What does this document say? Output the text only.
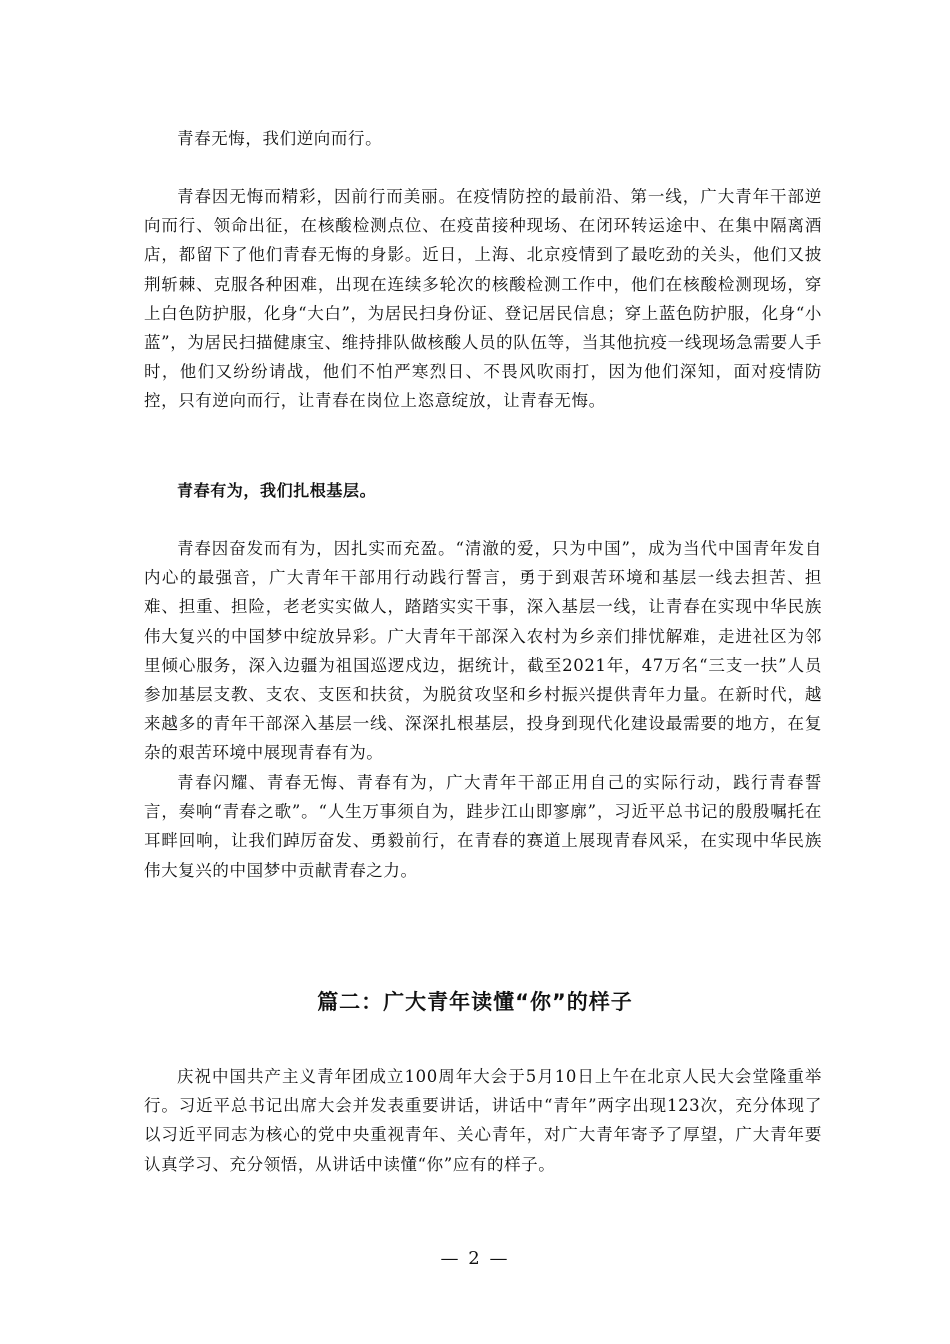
青春无悔，我们逆向而行。

青春因无悔而精彩，因前行而美丽。在疫情防控的最前沿、第一线，广大青年干部逆向而行、领命出征，在核酸检测点位、在疫苗接种现场、在闭环转运途中、在集中隔离酒店，都留下了他们青春无悔的身影。近日，上海、北京疫情到了最吃劲的关头，他们又披荆斩棘、克服各种困难，出现在连续多轮次的核酸检测工作中，他们在核酸检测现场，穿上白色防护服，化身“大白”，为居民扫身份证、登记居民信息；穿上蓝色防护服，化身“小蓝”，为居民扫描健康宝、维持排队做核酸人员的队伍等，当其他抗疫一线现场急需要人手时，他们又纷纷请战，他们不怕严寒烈日、不畏风吹雨打，因为他们深知，面对疫情防控，只有逆向而行，让青春在岗位上恣意绽放，让青春无悔。

青春有为，我们扎根基层。

青春因奋发而有为，因扎实而充盈。“清澈的爱，只为中国”，成为当代中国青年发自内心的最强音，广大青年干部用行动践行誓言，勇于到艰苦环境和基层一线去担苦、担难、担重、担险，老老实实做人，踏踏实实干事，深入基层一线，让青春在实现中华民族伟大复兴的中国梦中绽放异彩。广大青年干部深入农村为乡亲们排忧解难，走进社区为邻里倾心服务，深入边疆为祖国巡逻戍边，据统计，截至2021年，47万名“三支一扶”人员参加基层支教、支农、支医和扶贫，为脱贫攻坚和乡村振兴提供青年力量。在新时代，越来越多的青年干部深入基层一线、深深扎根基层，投身到现代化建设最需要的地方，在复杂的艰苦环境中展现青春有为。

青春闪耀、青春无悔、青春有为，广大青年干部正用自己的实际行动，践行青春誓言，奏响“青春之歌”。“人生万事须自为，跬步江山即寥廓”，习近平总书记的殷殷嘱托在耳畔回响，让我们踔厉奋发、勇毅前行，在青春的赛道上展现青春风采，在实现中华民族伟大复兴的中国梦中贡献青春之力。

篇二：广大青年读懂“你”的样子

庆祝中国共产主义青年团成立100周年大会于5月10日上午在北京人民大会堂隆重举行。习近平总书记出席大会并发表重要讲话，讲话中“青年”两字出现123次，充分体现了以习近平同志为核心的党中央重视青年、关心青年，对广大青年寄予了厚望，广大青年要认真学习、充分领悟，从讲话中读懂“你”应有的样子。

— 2 —
